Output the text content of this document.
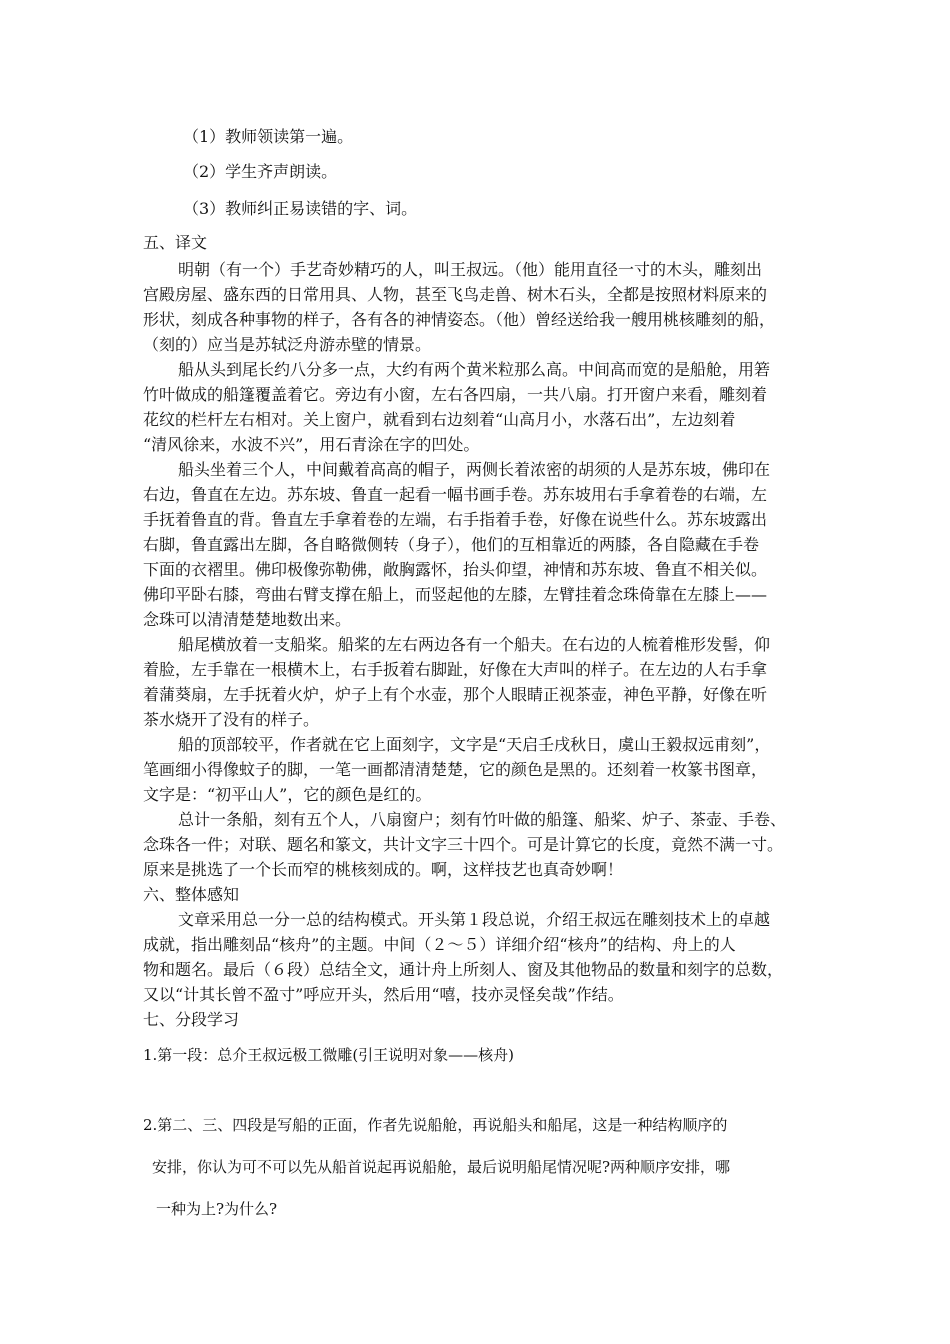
（1）教师领读第一遍。
（2）学生齐声朗读。
（3）教师纠正易读错的字、词。
五、译文
明朝（有一个）手艺奇妙精巧的人，叫王叔远。（他）能用直径一寸的木头，雕刻出
宫殿房屋、盛东西的日常用具、人物，甚至飞鸟走兽、树木石头，全都是按照材料原来的
形状，刻成各种事物的样子，各有各的神情姿态。（他）曾经送给我一艘用桃核雕刻的船，
（刻的）应当是苏轼泛舟游赤壁的情景。
船从头到尾长约八分多一点，大约有两个黄米粒那么高。中间高而宽的是船舱，用箬
竹叶做成的船篷覆盖着它。旁边有小窗，左右各四扇，一共八扇。打开窗户来看，雕刻着
花纹的栏杆左右相对。关上窗户，就看到右边刻着“山高月小，水落石出”，左边刻着
“清风徐来，水波不兴”，用石青涂在字的凹处。
船头坐着三个人，中间戴着高高的帽子，两侧长着浓密的胡须的人是苏东坡，佛印在
右边，鲁直在左边。苏东坡、鲁直一起看一幅书画手卷。苏东坡用右手拿着卷的右端，左
手抚着鲁直的背。鲁直左手拿着卷的左端，右手指着手卷，好像在说些什么。苏东坡露出
右脚，鲁直露出左脚，各自略微侧转（身子），他们的互相靠近的两膝，各自隐藏在手卷
下面的衣褶里。佛印极像弥勒佛，敞胸露怀，抬头仰望，神情和苏东坡、鲁直不相关似。
佛印平卧右膝，弯曲右臂支撑在船上，而竖起他的左膝，左臂挂着念珠倚靠在左膝上——
念珠可以清清楚楚地数出来。
船尾横放着一支船桨。船桨的左右两边各有一个船夫。在右边的人梳着椎形发髻，仰
着脸，左手靠在一根横木上，右手扳着右脚趾，好像在大声叫的样子。在左边的人右手拿
着蒲葵扇，左手抚着火炉，炉子上有个水壶，那个人眼睛正视茶壶，神色平静，好像在听
茶水烧开了没有的样子。
船的顶部较平，作者就在它上面刻字，文字是“天启壬戌秋日，虞山王毅叔远甫刻”，
笔画细小得像蚊子的脚，一笔一画都清清楚楚，它的颜色是黑的。还刻着一枚篆书图章，
文字是：“初平山人”，它的颜色是红的。
总计一条船，刻有五个人，八扇窗户；刻有竹叶做的船篷、船桨、炉子、茶壶、手卷、
念珠各一件；对联、题名和篆文，共计文字三十四个。可是计算它的长度，竟然不满一寸。
原来是挑选了一个长而窄的桃核刻成的。啊，这样技艺也真奇妙啊！
六、整体感知
文章采用总一分一总的结构模式。开头第１段总说，介绍王叔远在雕刻技术上的卓越
成就，指出雕刻品“核舟”的主题。中间（２～５）详细介绍“核舟”的结构、舟上的人
物和题名。最后（６段）总结全文，通计舟上所刻人、窗及其他物品的数量和刻字的总数，
又以“计其长曾不盈寸”呼应开头，然后用“嘻，技亦灵怪矣哉”作结。
七、分段学习
1.第一段：总介王叔远极工微雕(引王说明对象——核舟)
2.第二、三、四段是写船的正面，作者先说船舱，再说船头和船尾，这是一种结构顺序的
安排，你认为可不可以先从船首说起再说船舱，最后说明船尾情况呢?两种顺序安排，哪
一种为上?为什么?
